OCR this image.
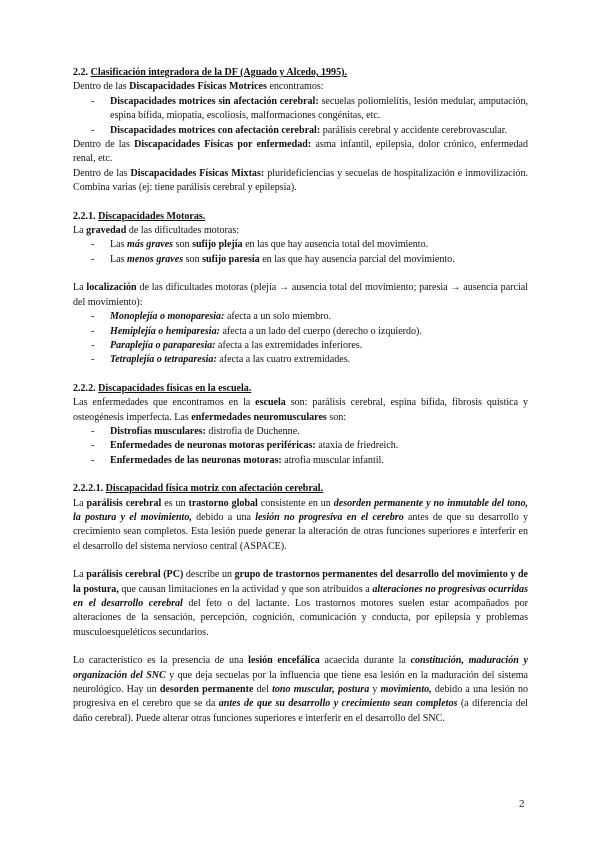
2.2. Clasificación integradora de la DF (Aguado y Alcedo, 1995).

Dentro de las Discapacidades Físicas Motrices encontramos:

- Discapacidades motrices sin afectación cerebral: secuelas poliomielitis, lesión medular, amputación, espina bífida, miopatía, escoliosis, malformaciones congénitas, etc.
- Discapacidades motrices con afectación cerebral: parálisis cerebral y accidente cerebrovascular.

Dentro de las Discapacidades Físicas por enfermedad: asma infantil, epilepsia, dolor crónico, enfermedad renal, etc.

Dentro de las Discapacidades Físicas Mixtas: plurideficiencias y secuelas de hospitalización e inmovilización. Combina varias (ej: tiene parálisis cerebral y epilepsia).

2.2.1. Discapacidades Motoras.

La gravedad de las dificultades motoras:

- Las más graves son sufijo plejía en las que hay ausencia total del movimiento.
- Las menos graves son sufijo paresia en las que hay ausencia parcial del movimiento.

La localización de las dificultades motoras (plejía → ausencia total del movimiento; paresia → ausencia parcial del movimiento):

- Monoplejía o monoparesia: afecta a un solo miembro.
- Hemiplejía o hemiparesia: afecta a un lado del cuerpo (derecho o izquierdo).
- Paraplejía o paraparesia: afecta a las extremidades inferiores.
- Tetraplejía o tetraparesia: afecta a las cuatro extremidades.

2.2.2. Discapacidades físicas en la escuela.

Las enfermedades que encontramos en la escuela son: parálisis cerebral, espina bífida, fibrosis quística y osteogénesis imperfecta. Las enfermedades neuromusculares son:

- Distrofias musculares: distrofia de Duchenne.
- Enfermedades de neuronas motoras periféricas: ataxia de friedreich.
- Enfermedades de las neuronas motoras: atrofia muscular infantil.

2.2.2.1. Discapacidad física motriz con afectación cerebral.

La parálisis cerebral es un trastorno global consistente en un desorden permanente y no inmutable del tono, la postura y el movimiento, debido a una lesión no progresiva en el cerebro antes de que su desarrollo y crecimiento sean completos. Esta lesión puede generar la alteración de otras funciones superiores e interferir en el desarrollo del sistema nervioso central (ASPACE).

La parálisis cerebral (PC) describe un grupo de trastornos permanentes del desarrollo del movimiento y de la postura, que causan limitaciones en la actividad y que son atribuidos a alteraciones no progresivas ocurridas en el desarrollo cerebral del feto o del lactante. Los trastornos motores suelen estar acompañados por alteraciones de la sensación, percepción, cognición, comunicación y conducta, por epilepsia y problemas musculoesqueléticos secundarios.

Lo característico es la presencia de una lesión encefálica acaecida durante la constitución, maduración y organización del SNC y que deja secuelas por la influencia que tiene esa lesión en la maduración del sistema neurológico. Hay un desorden permanente del tono muscular, postura y movimiento, debido a una lesión no progresiva en el cerebro que se da antes de que su desarrollo y crecimiento sean completos (a diferencia del daño cerebral). Puede alterar otras funciones superiores e interferir en el desarrollo del SNC.

2
